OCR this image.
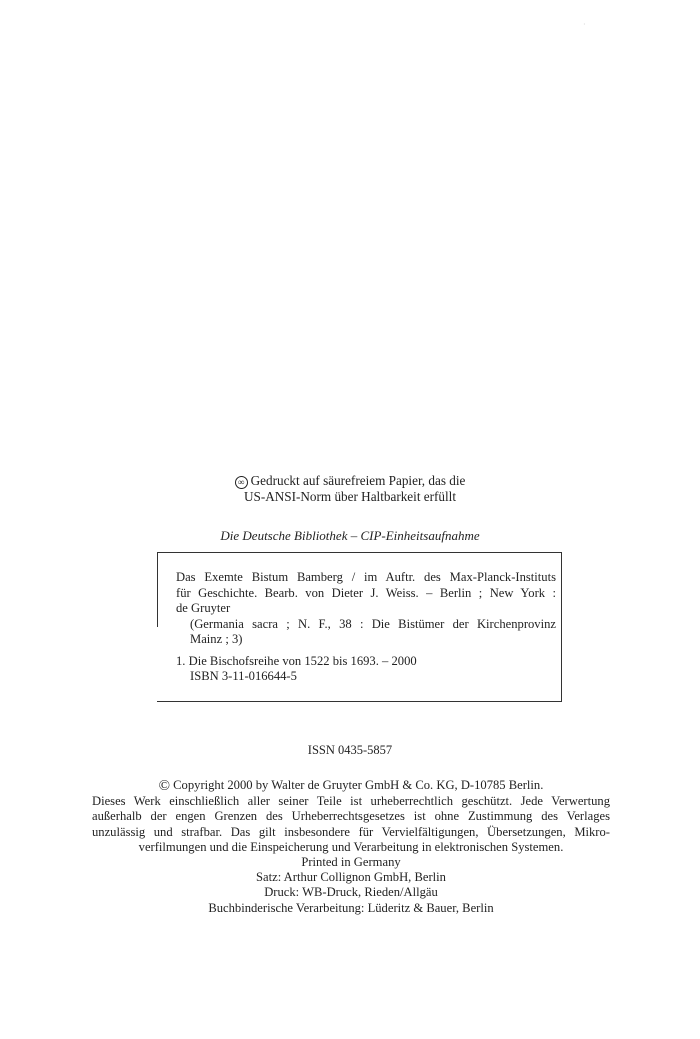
·
∞ Gedruckt auf säurefreiem Papier, das die
US-ANSI-Norm über Haltbarkeit erfüllt
Die Deutsche Bibliothek – CIP-Einheitsaufnahme

Das Exemte Bistum Bamberg / im Auftr. des Max-Planck-Instituts

für Geschichte. Bearb. von Dieter J. Weiss. – Berlin ; New York :

de Gruyter

(Germania sacra ; N. F., 38 : Die Bistümer der Kirchenprovinz

Mainz ; 3)

1. Die Bischofsreihe von 1522 bis 1693. – 2000

ISBN 3-11-016644-5

ISSN 0435-5857

© Copyright 2000 by Walter de Gruyter GmbH & Co. KG, D-10785 Berlin.

Dieses Werk einschließlich aller seiner Teile ist urheberrechtlich geschützt. Jede Verwertung

außerhalb der engen Grenzen des Urheberrechtsgesetzes ist ohne Zustimmung des Verlages

unzulässig und strafbar. Das gilt insbesondere für Vervielfältigungen, Übersetzungen, Mikro-

verfilmungen und die Einspeicherung und Verarbeitung in elektronischen Systemen.

Printed in Germany

Satz: Arthur Collignon GmbH, Berlin

Druck: WB-Druck, Rieden/Allgäu

Buchbinderische Verarbeitung: Lüderitz & Bauer, Berlin
